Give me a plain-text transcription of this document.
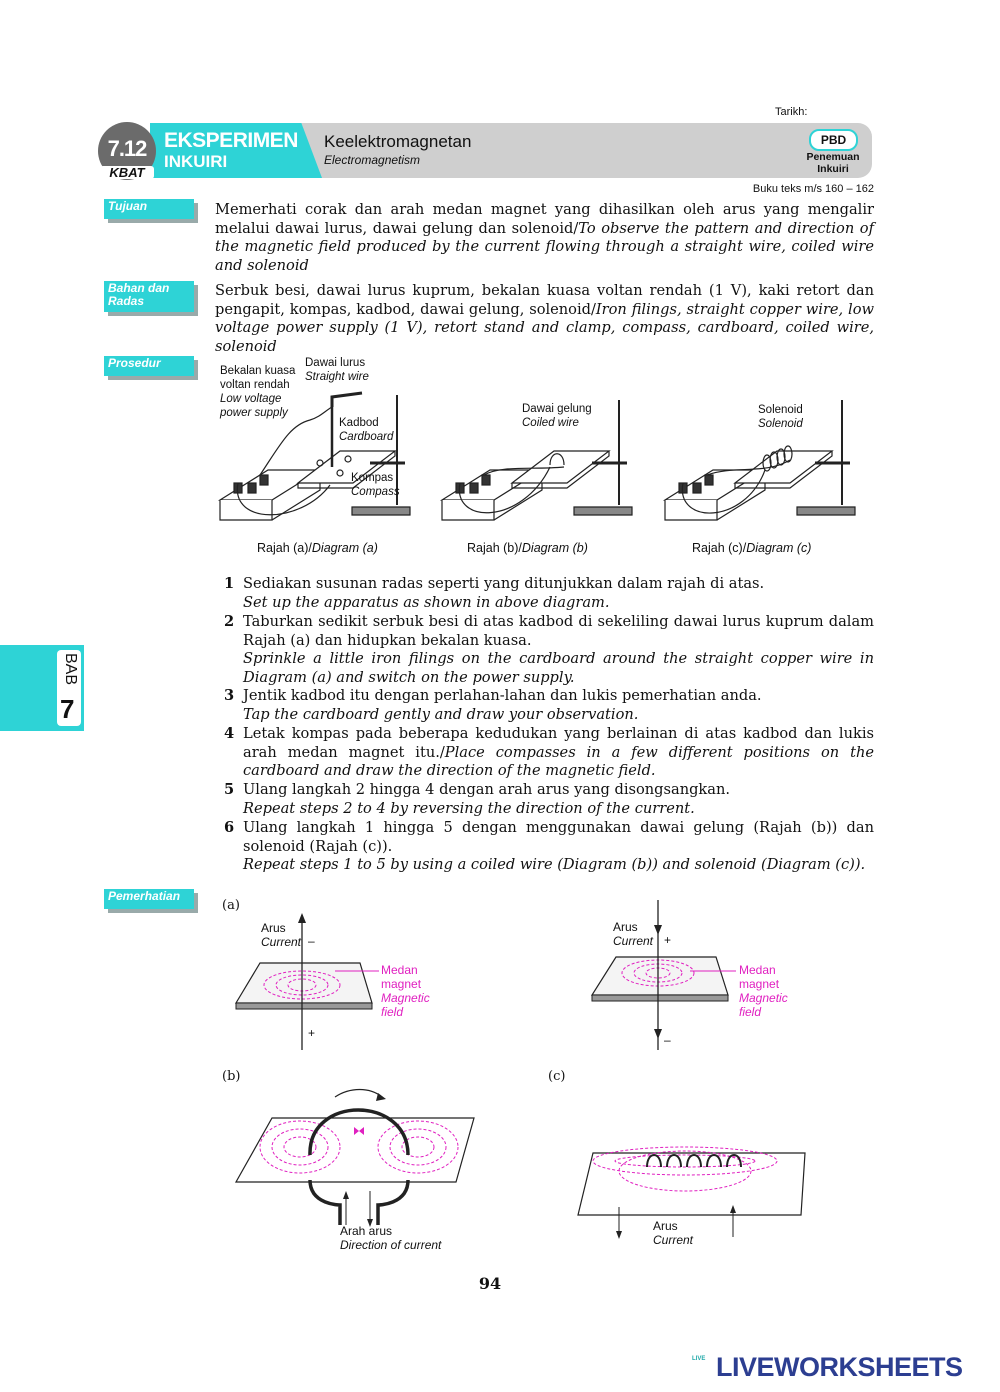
Tarikh:
7.12
KBAT
EKSPERIMEN
INKUIRI
Keelektromagnetan
Electromagnetism
PBD
Penemuan
Inkuiri
Buku teks m/s 160 – 162
Tujuan	Memerhati corak dan arah medan magnet yang dihasilkan oleh arus yang mengalir melalui dawai lurus, dawai gelung dan solenoid/To observe the pattern and direction of the magnetic field produced by the current flowing through a straight wire, coiled wire and solenoid
Bahan dan
Radas
Serbuk besi, dawai lurus kuprum, bekalan kuasa voltan rendah (1 V), kaki retort dan pengapit, kompas, kadbod, dawai gelung, solenoid/Iron filings, straight copper wire, low voltage power supply (1 V), retort stand and clamp, compass, cardboard, coiled wire, solenoid
Prosedur
Bekalan kuasa
voltan rendah
Low voltage
power supply
Dawai lurus
Straight wire
Kadbod
Cardboard
Kompas
Compass
Dawai gelung
Coiled wire
Solenoid
Solenoid
Rajah (a)/Diagram (a)	Rajah (b)/Diagram (b)	Rajah (c)/Diagram (c)
1 Sediakan susunan radas seperti yang ditunjukkan dalam rajah di atas.
Set up the apparatus as shown in above diagram.
2 Taburkan sedikit serbuk besi di atas kadbod di sekeliling dawai lurus kuprum dalam Rajah (a) dan hidupkan bekalan kuasa.
Sprinkle a little iron filings on the cardboard around the straight copper wire in Diagram (a) and switch on the power supply.
3 Jentik kadbod itu dengan perlahan-lahan dan lukis pemerhatian anda.
Tap the cardboard gently and draw your observation.
4 Letak kompas pada beberapa kedudukan yang berlainan di atas kadbod dan lukis arah medan magnet itu./Place compasses in a few different positions on the cardboard and draw the direction of the magnetic field.
5 Ulang langkah 2 hingga 4 dengan arah arus yang disongsangkan.
Repeat steps 2 to 4 by reversing the direction of the current.
6 Ulang langkah 1 hingga 5 dengan menggunakan dawai gelung (Rajah (b)) dan solenoid (Rajah (c)).
Repeat steps 1 to 5 by using a coiled wire (Diagram (b)) and solenoid (Diagram (c)).
Pemerhatian
(a)
(b)	(c)
Arus
Current –
+
Medan
magnet
Magnetic
field
Arus
Current +
–
Medan
magnet
Magnetic
field
Arah arus
Direction of current
Arus
Current
BAB
7
94
LIVE LIVEWORKSHEETS
